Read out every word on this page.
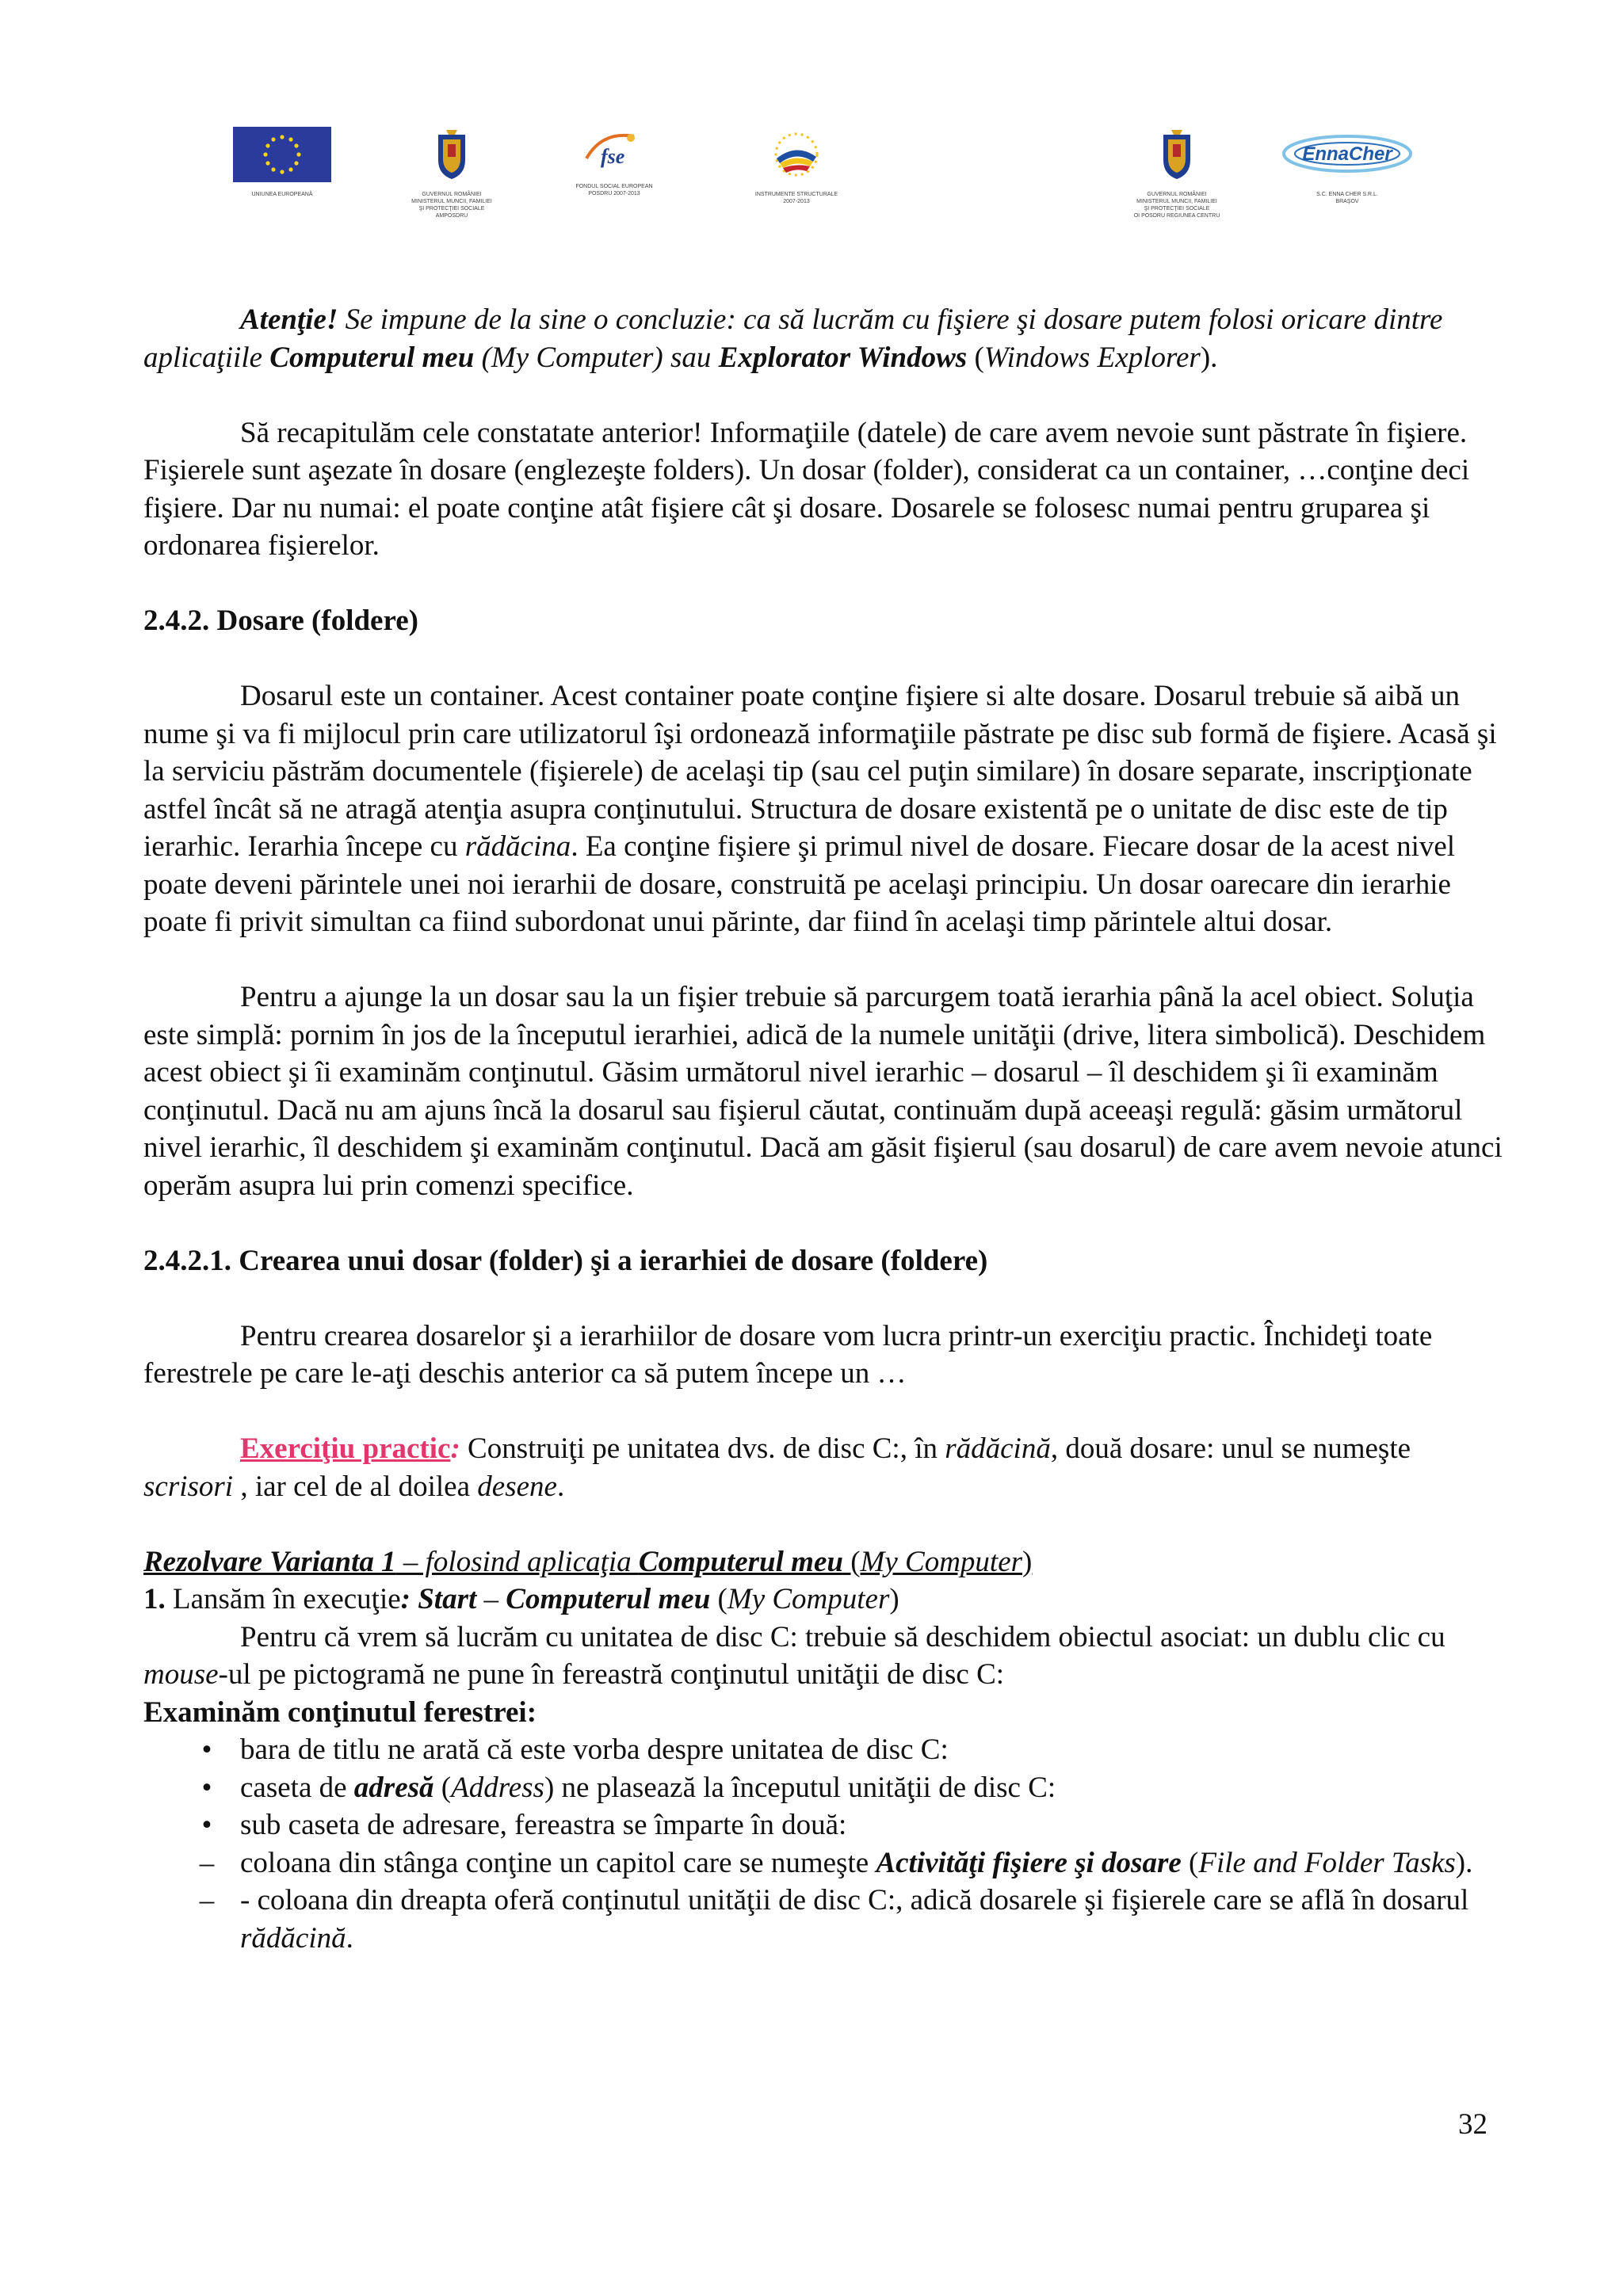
UNIUNEA EUROPEANĂ	GUVERNUL ROMÂNIEI
MINISTERUL MUNCII, FAMILIEI
ŞI PROTECŢIEI SOCIALE
AMPOSDRU
fse
FONDUL SOCIAL EUROPEAN
POSDRU 2007-2013	INSTRUMENTE STRUCTURALE
2007-2013
GUVERNUL ROMÂNIEI
MINISTERUL MUNCII, FAMILIEI
ŞI PROTECŢIEI SOCIALE
OI POSDRU REGIUNEA CENTRU
EnnaCher
S.C. ENNA CHER S.R.L.
BRAŞOV

Atenţie! Se impune de la sine o concluzie: ca să lucrăm cu fişiere şi dosare putem folosi oricare dintre aplicaţiile Computerul meu (My Computer) sau Explorator Windows (Windows Explorer).

Să recapitulăm cele constatate anterior! Informaţiile (datele) de care avem nevoie sunt păstrate în fişiere. Fişierele sunt aşezate în dosare (englezeşte folders). Un dosar (folder), considerat ca un container, …conţine deci fişiere. Dar nu numai: el poate conţine atât fişiere cât şi dosare. Dosarele se folosesc numai pentru gruparea şi ordonarea fişierelor.

2.4.2. Dosare (foldere)

Dosarul este un container. Acest container poate conţine fişiere si alte dosare. Dosarul trebuie să aibă un nume şi va fi mijlocul prin care utilizatorul îşi ordonează informaţiile păstrate pe disc sub formă de fişiere. Acasă şi la serviciu păstrăm documentele (fişierele) de acelaşi tip (sau cel puţin similare) în dosare separate, inscripţionate astfel încât să ne atragă atenţia asupra conţinutului. Structura de dosare existentă pe o unitate de disc este de tip ierarhic. Ierarhia începe cu rădăcina. Ea conţine fişiere şi primul nivel de dosare. Fiecare dosar de la acest nivel poate deveni părintele unei noi ierarhii de dosare, construită pe acelaşi principiu. Un dosar oarecare din ierarhie poate fi privit simultan ca fiind subordonat unui părinte, dar fiind în acelaşi timp părintele altui dosar.

Pentru a ajunge la un dosar sau la un fişier trebuie să parcurgem toată ierarhia până la acel obiect. Soluţia este simplă: pornim în jos de la începutul ierarhiei, adică de la numele unităţii (drive, litera simbolică). Deschidem acest obiect şi îi examinăm conţinutul. Găsim următorul nivel ierarhic – dosarul – îl deschidem şi îi examinăm conţinutul. Dacă nu am ajuns încă la dosarul sau fişierul căutat, continuăm după aceeaşi regulă: găsim următorul nivel ierarhic, îl deschidem şi examinăm conţinutul. Dacă am găsit fişierul (sau dosarul) de care avem nevoie atunci operăm asupra lui prin comenzi specifice.

2.4.2.1. Crearea unui dosar (folder) şi a ierarhiei de dosare (foldere)

Pentru crearea dosarelor şi a ierarhiilor de dosare vom lucra printr-un exerciţiu practic. Închideţi toate ferestrele pe care le-aţi deschis anterior ca să putem începe un …

Exerciţiu practic: Construiţi pe unitatea dvs. de disc C:, în rădăcină, două dosare: unul se numeşte scrisori , iar cel de al doilea desene.

Rezolvare Varianta 1 – folosind aplicaţia Computerul meu (My Computer)

1. Lansăm în execuţie: Start – Computerul meu (My Computer)

Pentru că vrem să lucrăm cu unitatea de disc C: trebuie să deschidem obiectul asociat: un dublu clic cu mouse-ul pe pictogramă ne pune în fereastră conţinutul unităţii de disc C:

Examinăm conţinutul ferestrei:

• bara de titlu ne arată că este vorba despre unitatea de disc C:
• caseta de adresă (Address) ne plasează la începutul unităţii de disc C:
• sub caseta de adresare, fereastra se împarte în două:
– coloana din stânga conţine un capitol care se numeşte Activităţi fişiere şi dosare (File and Folder Tasks).
– - coloana din dreapta oferă conţinutul unităţii de disc C:, adică dosarele şi fişierele care se află în dosarul rădăcină.
32
